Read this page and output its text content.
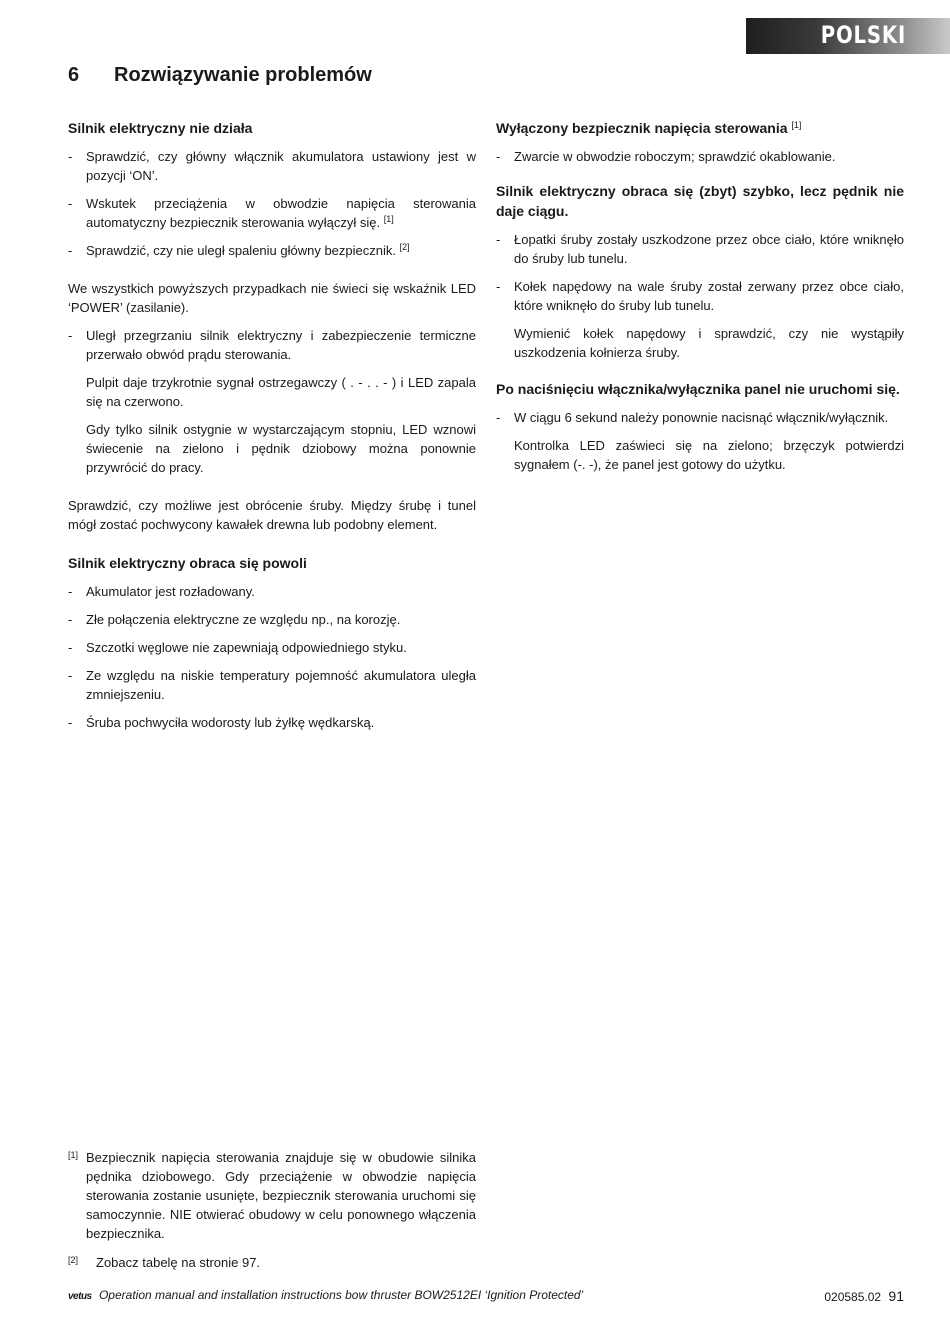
POLSKI
6 Rozwiązywanie problemów
Silnik elektryczny nie działa
- Sprawdzić, czy główny włącznik akumulatora ustawiony jest w pozycji ‘ON’.
- Wskutek przeciążenia w obwodzie napięcia sterowania automatyczny bezpiecznik sterowania wyłączył się. [1]
- Sprawdzić, czy nie uległ spaleniu główny bezpiecznik. [2]

We wszystkich powyższych przypadkach nie świeci się wskaźnik LED ‘POWER’ (zasilanie).

- Uległ przegrzaniu silnik elektryczny i zabezpieczenie termiczne przerwało obwód prądu sterowania.

Pulpit daje trzykrotnie sygnał ostrzegawczy ( . - . . - ) i LED zapala się na czerwono.

Gdy tylko silnik ostygnie w wystarczającym stopniu, LED wznowi świecenie na zielono i pędnik dziobowy można ponownie przywrócić do pracy.

Sprawdzić, czy możliwe jest obrócenie śruby. Między śrubę i tunel mógł zostać pochwycony kawałek drewna lub podobny element.

Silnik elektryczny obraca się powoli
- Akumulator jest rozładowany.
- Złe połączenia elektryczne ze względu np., na korozję.
- Szczotki węglowe nie zapewniają odpowiedniego styku.
- Ze względu na niskie temperatury pojemność akumulatora uległa zmniejszeniu.
- Śruba pochwyciła wodorosty lub żyłkę wędkarską.
Wyłączony bezpiecznik napięcia sterowania [1]
- Zwarcie w obwodzie roboczym; sprawdzić okablowanie.
Silnik elektryczny obraca się (zbyt) szybko, lecz pędnik nie daje ciągu.
- Łopatki śruby zostały uszkodzone przez obce ciało, które wniknęło do śruby lub tunelu.
- Kołek napędowy na wale śruby został zerwany przez obce ciało, które wniknęło do śruby lub tunelu.

Wymienić kołek napędowy i sprawdzić, czy nie wystąpiły uszkodzenia kołnierza śruby.

Po naciśnięciu włącznika/wyłącznika panel nie uruchomi się.
- W ciągu 6 sekund należy ponownie nacisnąć włącznik/wyłącznik.

Kontrolka LED zaświeci się na zielono; brzęczyk potwierdzi sygnałem (-. -), że panel jest gotowy do użytku.

[1] Bezpiecznik napięcia sterowania znajduje się w obudowie silnika pędnika dziobowego. Gdy przeciążenie w obwodzie napięcia sterowania zostanie usunięte, bezpiecznik sterowania uruchomi się samoczynnie. NIE otwierać obudowy w celu ponownego włączenia bezpiecznika.
[2] Zobacz tabelę na stronie 97.
vetus Operation manual and installation instructions bow thruster BOW2512EI ‘Ignition Protected’	020585.02 91
